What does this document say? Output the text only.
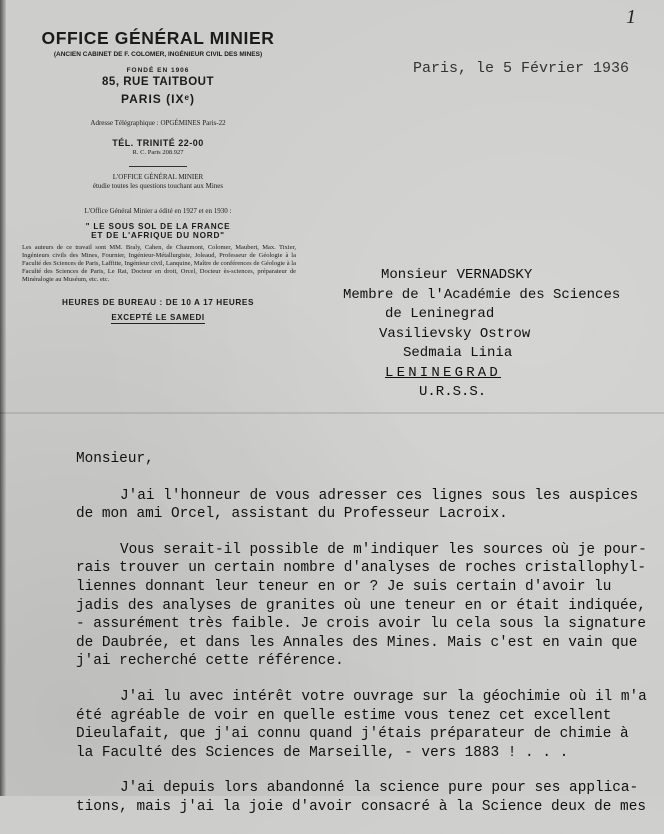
1
OFFICE GÉNÉRAL MINIER
(ANCIEN CABINET DE F. COLOMER, INGÉNIEUR CIVIL DES MINES)
FONDÉ EN 1906
85, RUE TAITBOUT
PARIS (IXᵉ)
Adresse Télégraphique : OPGÉMINES Paris-22
TÉL. TRINITÉ 22-00
R. C. Paris 208.927
L'OFFICE GÉNÉRAL MINIER
étudie toutes les questions touchant aux Mines
L'Office Général Minier a édité en 1927 et en 1930 :
" LE SOUS SOL DE LA FRANCE
ET DE L'AFRIQUE DU NORD"
Les auteurs de ce travail sont MM. Braly, Cahen, de Chaumont, Colomer, Maubert, Max. Tixier, Ingénieurs civils des Mines, Fournier, Ingénieur-Métallurgiste, Joleaud, Professeur de Géologie à la Faculté des Sciences de Paris, Laffitte, Ingénieur civil, Lanquine, Maître de conférences de Géologie à la Faculté des Sciences de Paris, Le Rat, Docteur en droit, Orcel, Docteur ès-sciences, préparateur de Minéralogie au Muséum, etc. etc.
HEURES DE BUREAU : DE 10 A 17 HEURES
EXCEPTÉ LE SAMEDI
Paris, le 5 Février 1936
Monsieur VERNADSKY
Membre de l'Académie des Sciences
de Leninegrad
Vasilievsky Ostrow
Sedmaia Linia
LENINEGRAD
U.R.S.S.
Monsieur,
J'ai l'honneur de vous adresser ces lignes sous les auspices
de mon ami Orcel, assistant du Professeur Lacroix.
Vous serait-il possible de m'indiquer les sources où je pour-
rais trouver un certain nombre d'analyses de roches cristallophyl-
liennes donnant leur teneur en or ? Je suis certain d'avoir lu
jadis des analyses de granites où une teneur en or était indiquée,
- assurément très faible. Je crois avoir lu cela sous la signature
de Daubrée, et dans les Annales des Mines. Mais c'est en vain que
j'ai recherché cette référence.
J'ai lu avec intérêt votre ouvrage sur la géochimie où il m'a
été agréable de voir en quelle estime vous tenez cet excellent
Dieulafait, que j'ai connu quand j'étais préparateur de chimie à
la Faculté des Sciences de Marseille, - vers 1883 ! . . .
J'ai depuis lors abandonné la science pure pour ses applica-
tions, mais j'ai la joie d'avoir consacré à la Science deux de mes
